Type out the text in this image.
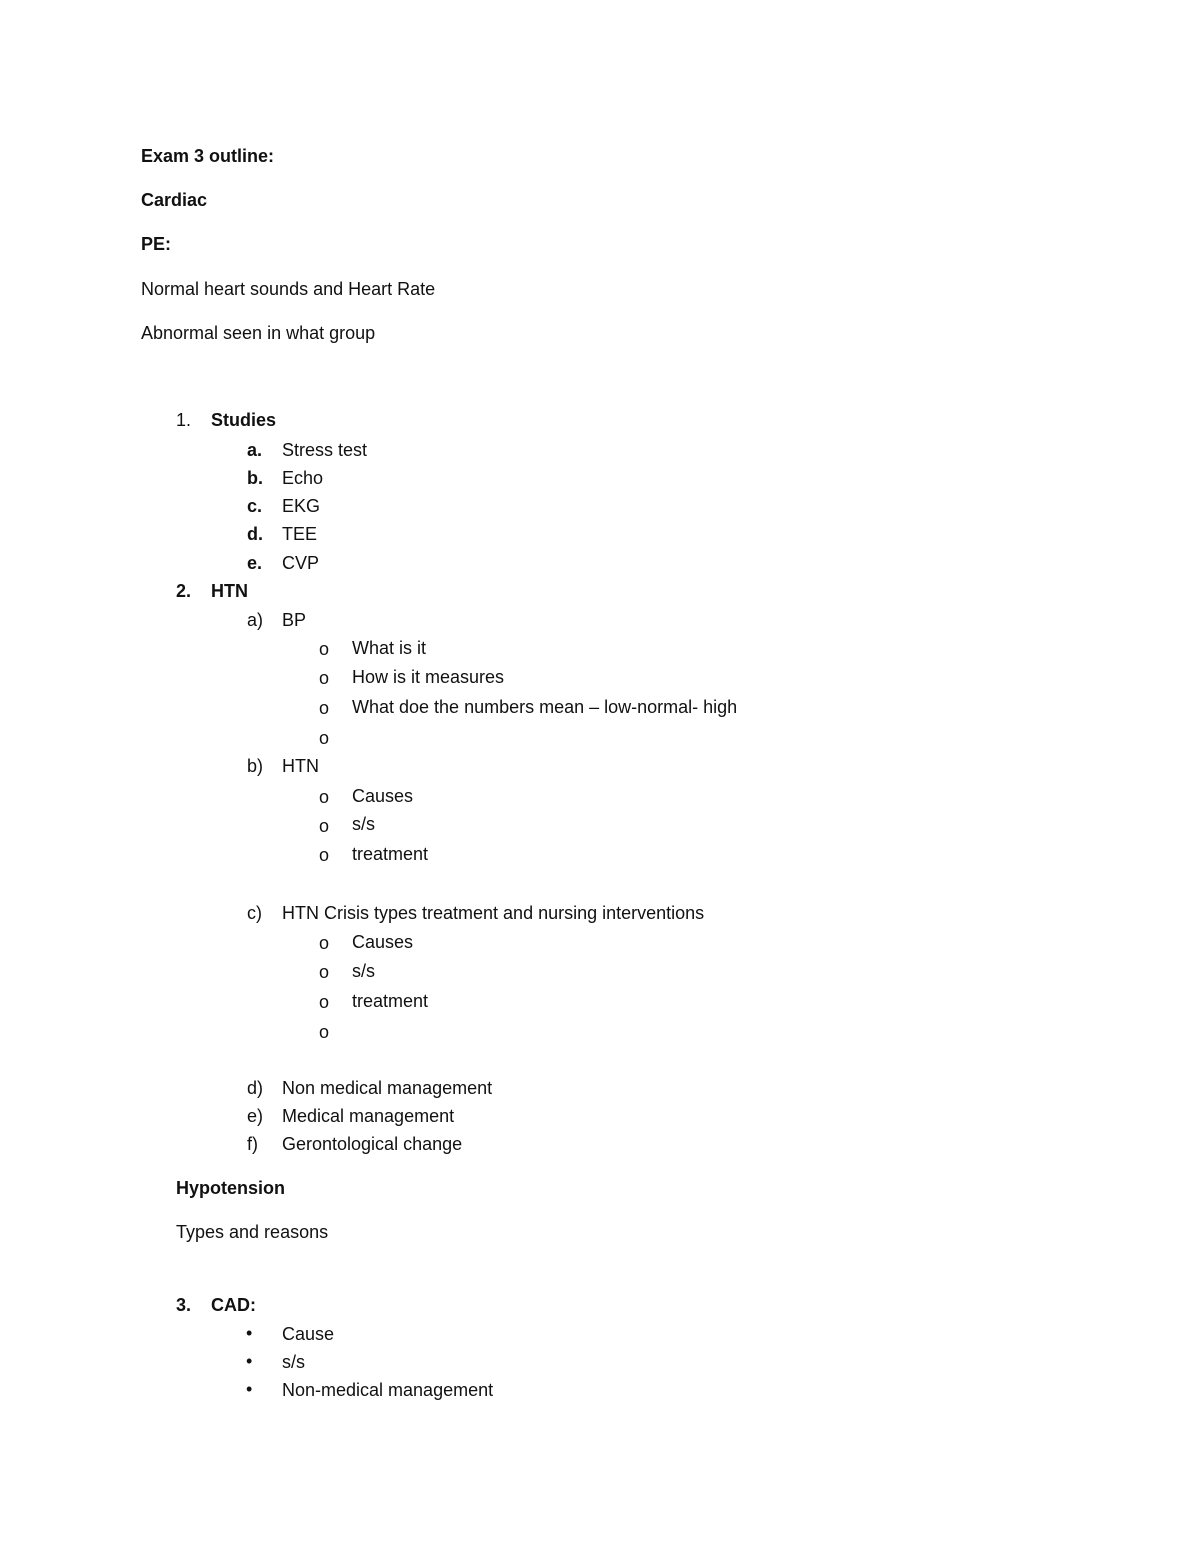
Exam 3 outline:
Cardiac
PE:
Normal heart sounds and Heart Rate
Abnormal seen in what group
1. Studies
a. Stress test
b. Echo
c. EKG
d. TEE
e. CVP
2. HTN
a) BP
o What is it
o How is it measures
o What doe the numbers mean – low-normal- high
o
b) HTN
o Causes
o s/s
o treatment
c) HTN Crisis types treatment and nursing interventions
o Causes
o s/s
o treatment
o
d) Non medical management
e) Medical management
f) Gerontological change
Hypotension
Types and reasons
3. CAD:
• Cause
• s/s
• Non-medical management
